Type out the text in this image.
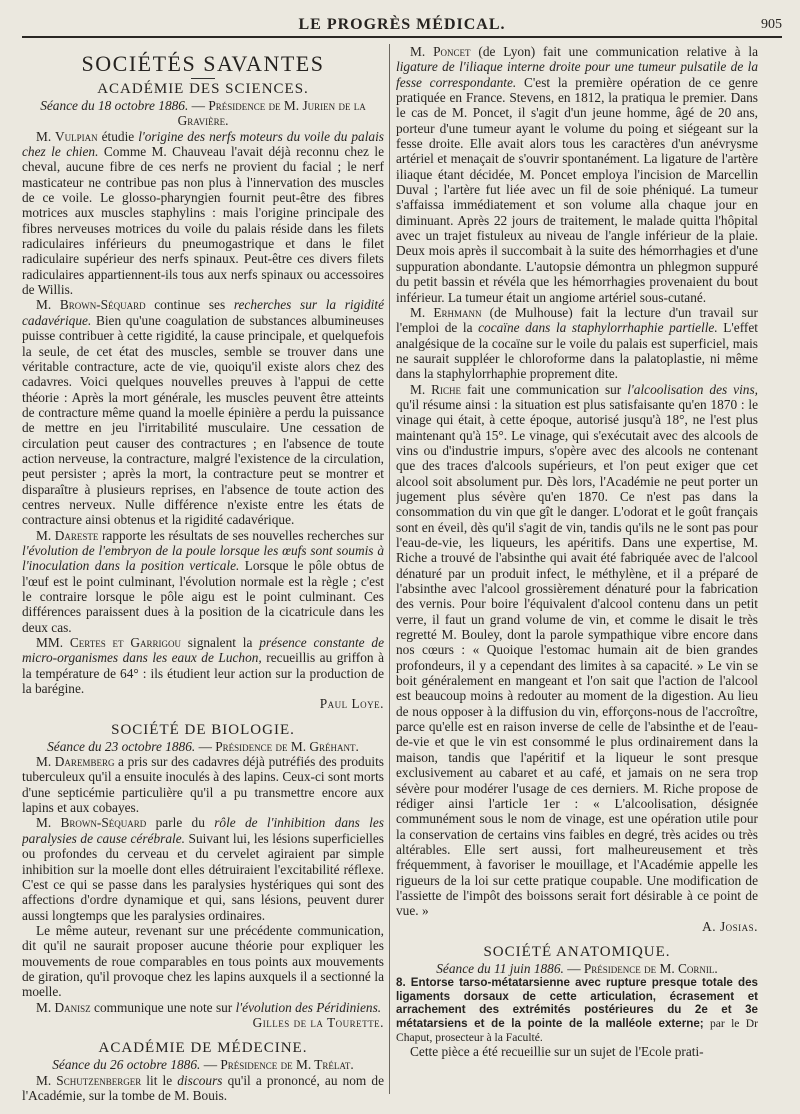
LE PROGRÈS MÉDICAL.	905
SOCIÉTÉS SAVANTES
ACADÉMIE DES SCIENCES.

Séance du 18 octobre 1886. — Présidence de M. Jurien de la Gravière.

M. Vulpian étudie l'origine des nerfs moteurs du voile du palais chez le chien. Comme M. Chauveau l'avait déjà reconnu chez le cheval, aucune fibre de ces nerfs ne provient du facial ; le nerf masticateur ne contribue pas non plus à l'innervation des muscles de ce voile. Le glosso-pharyngien fournit peut-être des fibres motrices aux muscles staphylins : mais l'origine principale des fibres nerveuses motrices du voile du palais réside dans les filets radiculaires inférieurs du pneumogastrique et dans le filet radiculaire supérieur des nerfs spinaux. Peut-être ces divers filets radiculaires appartiennent-ils tous aux nerfs spinaux ou accessoires de Willis.

M. Brown-Séquard continue ses recherches sur la rigidité cadavérique. Bien qu'une coagulation de substances albumineuses puisse contribuer à cette rigidité, la cause principale, et quelquefois la seule, de cet état des muscles, semble se trouver dans une véritable contracture, acte de vie, quoiqu'il existe alors chez des cadavres. Voici quelques nouvelles preuves à l'appui de cette théorie : Après la mort générale, les muscles peuvent être atteints de contracture même quand la moelle épinière a perdu la puissance de mettre en jeu l'irritabilité musculaire. Une cessation de circulation peut causer des contractures ; en l'absence de toute action nerveuse, la contracture, malgré l'existence de la circulation, peut persister ; après la mort, la contracture peut se montrer et disparaître à plusieurs reprises, en l'absence de toute action des centres nerveux. Nulle différence n'existe entre les états de contracture ainsi obtenus et la rigidité cadavérique.

M. Dareste rapporte les résultats de ses nouvelles recherches sur l'évolution de l'embryon de la poule lorsque les œufs sont soumis à l'inoculation dans la position verticale. Lorsque le pôle obtus de l'œuf est le point culminant, l'évolution normale est la règle ; c'est le contraire lorsque le pôle aigu est le point culminant. Ces différences paraissent dues à la position de la cicatricule dans les deux cas.

MM. Certes et Garrigou signalent la présence constante de micro-organismes dans les eaux de Luchon, recueillis au griffon à la température de 64° : ils étudient leur action sur la production de la barégine.

Paul Loye.

SOCIÉTÉ DE BIOLOGIE.

Séance du 23 octobre 1886. — Présidence de M. Gréhant.

M. Daremberg a pris sur des cadavres déjà putréfiés des produits tuberculeux qu'il a ensuite inoculés à des lapins. Ceux-ci sont morts d'une septicémie particulière qu'il a pu transmettre encore aux lapins et aux cobayes.

M. Brown-Séquard parle du rôle de l'inhibition dans les paralysies de cause cérébrale. Suivant lui, les lésions superficielles ou profondes du cerveau et du cervelet agiraient par simple inhibition sur la moelle dont elles détruiraient l'excitabilité réflexe. C'est ce qui se passe dans les paralysies hystériques qui sont des affections d'ordre dynamique et qui, sans lésions, peuvent durer aussi longtemps que les paralysies ordinaires.

Le même auteur, revenant sur une précédente communication, dit qu'il ne saurait proposer aucune théorie pour expliquer les mouvements de roue comparables en tous points aux mouvements de giration, qu'il provoque chez les lapins auxquels il a sectionné la moelle.

M. Danisz communique une note sur l'évolution des Péridiniens.

Gilles de la Tourette.

ACADÉMIE DE MÉDECINE.

Séance du 26 octobre 1886. — Présidence de M. Trélat.

M. Schutzenberger lit le discours qu'il a prononcé, au nom de l'Académie, sur la tombe de M. Bouis.

M. Poncet (de Lyon) fait une communication relative à la ligature de l'iliaque interne droite pour une tumeur pulsatile de la fesse correspondante. C'est la première opération de ce genre pratiquée en France. Stevens, en 1812, la pratiqua le premier. Dans le cas de M. Poncet, il s'agit d'un jeune homme, âgé de 20 ans, porteur d'une tumeur ayant le volume du poing et siégeant sur la fesse droite. Elle avait alors tous les caractères d'un anévrysme artériel et menaçait de s'ouvrir spontanément. La ligature de l'artère iliaque étant décidée, M. Poncet employa l'incision de Marcellin Duval ; l'artère fut liée avec un fil de soie phéniqué. La tumeur s'affaissa immédiatement et son volume alla chaque jour en diminuant. Après 22 jours de traitement, le malade quitta l'hôpital avec un trajet fistuleux au niveau de l'angle inférieur de la plaie. Deux mois après il succombait à la suite des hémorrhagies et d'une suppuration abondante. L'autopsie démontra un phlegmon suppuré du petit bassin et révéla que les hémorrhagies provenaient du bout inférieur. La tumeur était un angiome artériel sous-cutané.

M. Erhmann (de Mulhouse) fait la lecture d'un travail sur l'emploi de la cocaïne dans la staphylorrhaphie partielle. L'effet analgésique de la cocaïne sur le voile du palais est superficiel, mais ne saurait suppléer le chloroforme dans la palatoplastie, ni même dans la staphylorrhaphie proprement dite.

M. Riche fait une communication sur l'alcoolisation des vins, qu'il résume ainsi : la situation est plus satisfaisante qu'en 1870 : le vinage qui était, à cette époque, autorisé jusqu'à 18°, ne l'est plus maintenant qu'à 15°. Le vinage, qui s'exécutait avec des alcools de vins ou d'industrie impurs, s'opère avec des alcools ne contenant que des traces d'alcools supérieurs, et l'on peut exiger que cet alcool soit absolument pur. Dès lors, l'Académie ne peut porter un jugement plus sévère qu'en 1870. Ce n'est pas dans la consommation du vin que gît le danger. L'odorat et le goût français sont en éveil, dès qu'il s'agit de vin, tandis qu'ils ne le sont pas pour l'eau-de-vie, les liqueurs, les apéritifs. Dans une expertise, M. Riche a trouvé de l'absinthe qui avait été fabriquée avec de l'alcool dénaturé par un produit infect, le méthylène, et il a préparé de l'absinthe avec l'alcool grossièrement dénaturé pour la fabrication des vernis. Pour boire l'équivalent d'alcool contenu dans un petit verre, il faut un grand volume de vin, et comme le disait le très regretté M. Bouley, dont la parole sympathique vibre encore dans nos cœurs : « Quoique l'estomac humain ait de bien grandes profondeurs, il y a cependant des limites à sa capacité. » Le vin se boit généralement en mangeant et l'on sait que l'action de l'alcool est beaucoup moins à redouter au moment de la digestion. Au lieu de nous opposer à la diffusion du vin, efforçons-nous de l'accroître, parce qu'elle est en raison inverse de celle de l'absinthe et de l'eau-de-vie et que le vin est consommé le plus ordinairement dans la maison, tandis que l'apéritif et la liqueur le sont presque exclusivement au cabaret et au café, et jamais on ne sera trop sévère pour modérer l'usage de ces derniers. M. Riche propose de rédiger ainsi l'article 1er : « L'alcoolisation, désignée communément sous le nom de vinage, est une opération utile pour la conservation de certains vins faibles en degré, très acides ou très altérables. Elle sert aussi, fort malheureusement et très fréquemment, à favoriser le mouillage, et l'Académie appelle les rigueurs de la loi sur cette pratique coupable. Une modification de l'assiette de l'impôt des boissons serait fort désirable à ce point de vue. »

A. Josias.

SOCIÉTÉ ANATOMIQUE.

Séance du 11 juin 1886. — Présidence de M. Cornil.

8. Entorse tarso-métatarsienne avec rupture presque totale des ligaments dorsaux de cette articulation, écrasement et arrachement des extrémités postérieures du 2e et 3e métatarsiens et de la pointe de la malléole externe; par le Dr Chaput, prosecteur à la Faculté.

Cette pièce a été recueillie sur un sujet de l'Ecole prati-
